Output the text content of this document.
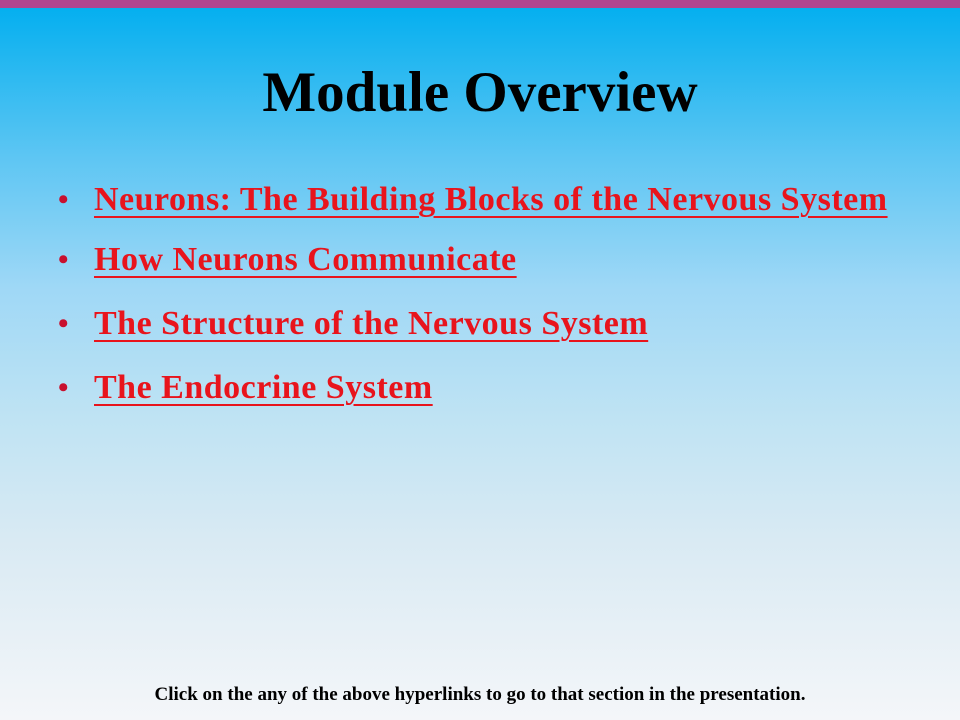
Module Overview
• Neurons: The Building Blocks of the Nervous System
• How Neurons Communicate
• The Structure of the Nervous System
• The Endocrine System

Click on the any of the above hyperlinks to go to that section in the presentation.
